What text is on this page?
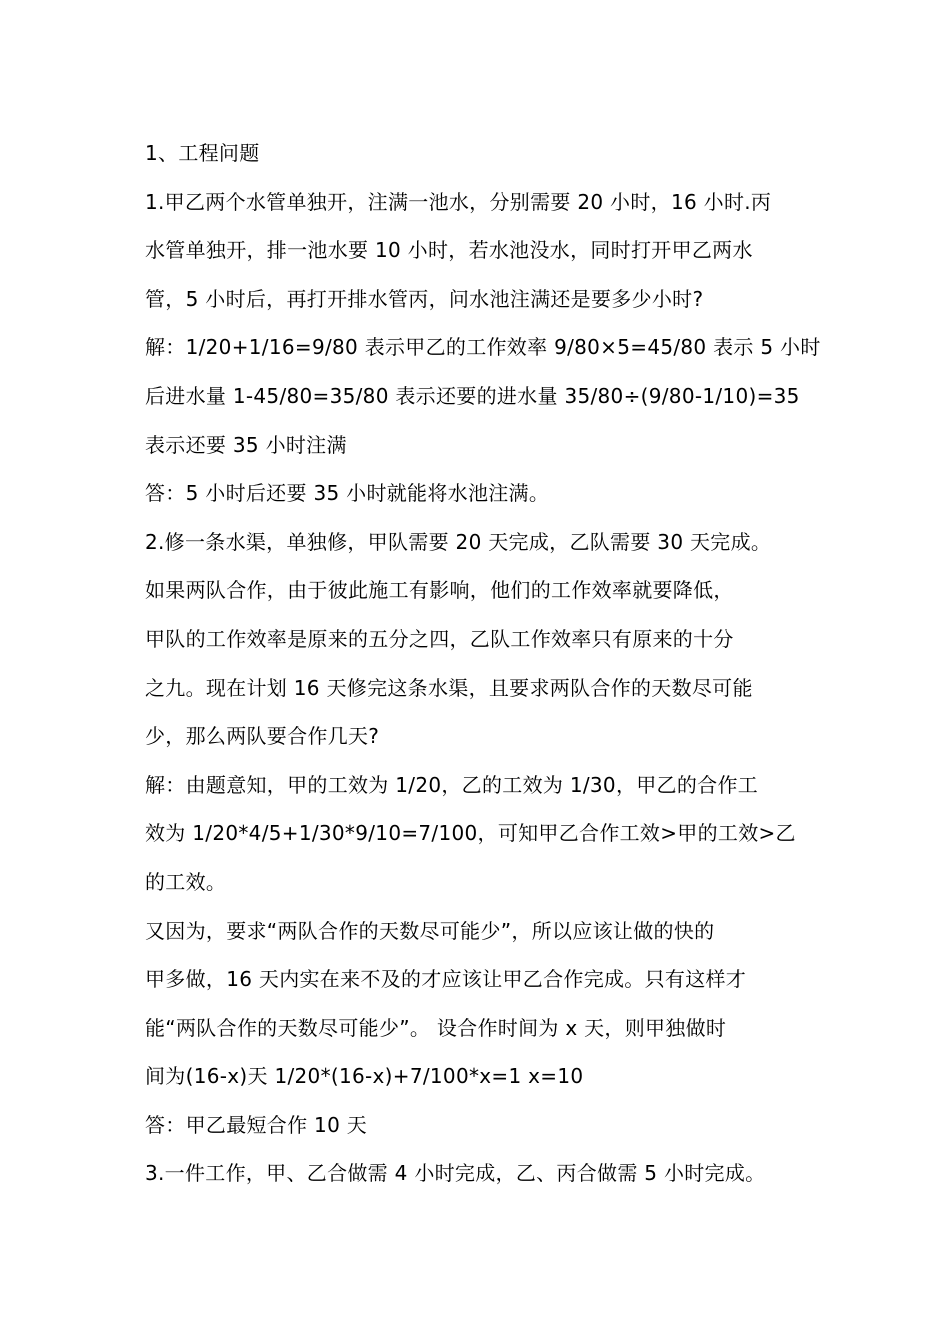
1、工程问题

1.甲乙两个水管单独开，注满一池水，分别需要 20 小时，16 小时.丙
水管单独开，排一池水要 10 小时，若水池没水，同时打开甲乙两水
管，5 小时后，再打开排水管丙，问水池注满还是要多少小时?

解：1/20+1/16=9/80 表示甲乙的工作效率 9/80×5=45/80 表示 5 小时
后进水量 1-45/80=35/80 表示还要的进水量 35/80÷(9/80-1/10)=35
表示还要 35 小时注满

答：5 小时后还要 35 小时就能将水池注满。

2.修一条水渠，单独修，甲队需要 20 天完成，乙队需要 30 天完成。
如果两队合作，由于彼此施工有影响，他们的工作效率就要降低，
甲队的工作效率是原来的五分之四，乙队工作效率只有原来的十分
之九。现在计划 16 天修完这条水渠，且要求两队合作的天数尽可能
少，那么两队要合作几天?

解：由题意知，甲的工效为 1/20，乙的工效为 1/30，甲乙的合作工
效为 1/20*4/5+1/30*9/10=7/100，可知甲乙合作工效>甲的工效>乙
的工效。

又因为，要求“两队合作的天数尽可能少”，所以应该让做的快的
甲多做，16 天内实在来不及的才应该让甲乙合作完成。只有这样才
能“两队合作的天数尽可能少”。 设合作时间为 x 天，则甲独做时
间为(16-x)天 1/20*(16-x)+7/100*x=1 x=10

答：甲乙最短合作 10 天

3.一件工作，甲、乙合做需 4 小时完成，乙、丙合做需 5 小时完成。
